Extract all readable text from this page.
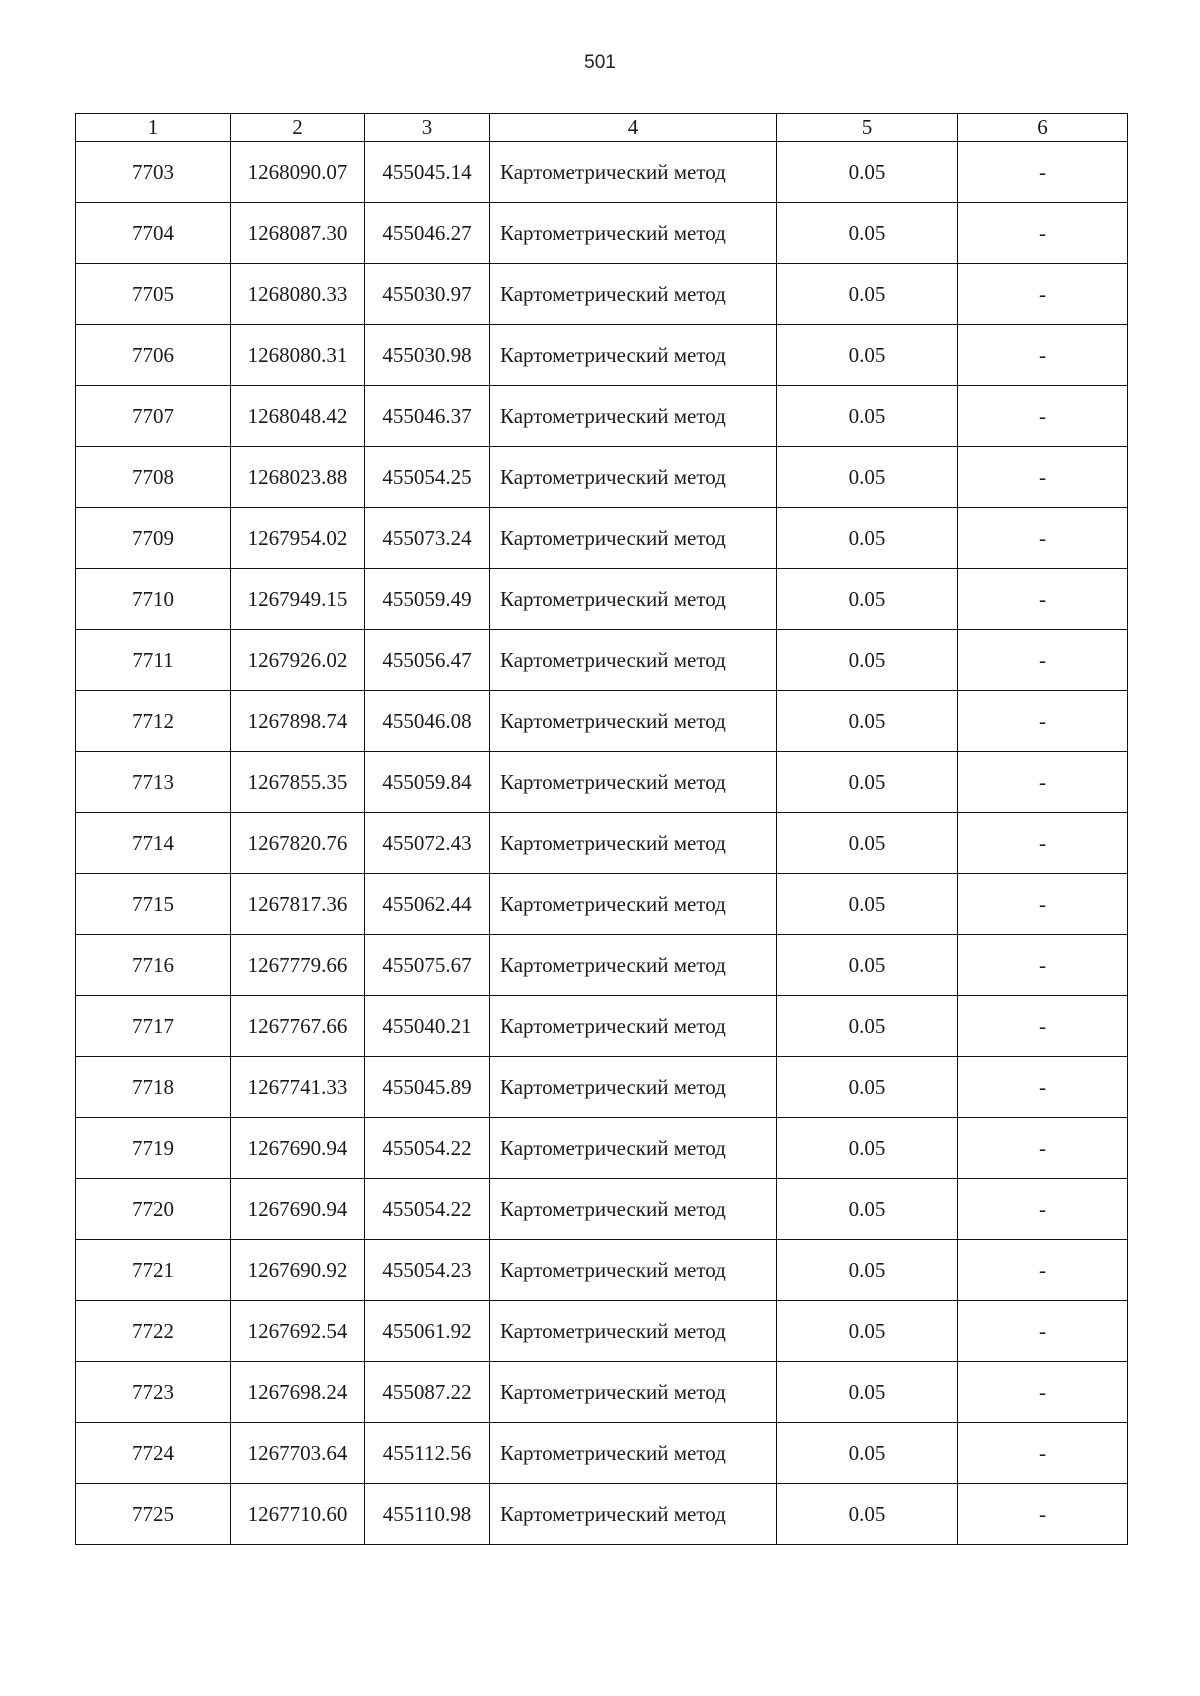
501
1	2	3	4	5	6
7703	1268090.07	455045.14	Картометрический метод	0.05	-
7704	1268087.30	455046.27	Картометрический метод	0.05	-
7705	1268080.33	455030.97	Картометрический метод	0.05	-
7706	1268080.31	455030.98	Картометрический метод	0.05	-
7707	1268048.42	455046.37	Картометрический метод	0.05	-
7708	1268023.88	455054.25	Картометрический метод	0.05	-
7709	1267954.02	455073.24	Картометрический метод	0.05	-
7710	1267949.15	455059.49	Картометрический метод	0.05	-
7711	1267926.02	455056.47	Картометрический метод	0.05	-
7712	1267898.74	455046.08	Картометрический метод	0.05	-
7713	1267855.35	455059.84	Картометрический метод	0.05	-
7714	1267820.76	455072.43	Картометрический метод	0.05	-
7715	1267817.36	455062.44	Картометрический метод	0.05	-
7716	1267779.66	455075.67	Картометрический метод	0.05	-
7717	1267767.66	455040.21	Картометрический метод	0.05	-
7718	1267741.33	455045.89	Картометрический метод	0.05	-
7719	1267690.94	455054.22	Картометрический метод	0.05	-
7720	1267690.94	455054.22	Картометрический метод	0.05	-
7721	1267690.92	455054.23	Картометрический метод	0.05	-
7722	1267692.54	455061.92	Картометрический метод	0.05	-
7723	1267698.24	455087.22	Картометрический метод	0.05	-
7724	1267703.64	455112.56	Картометрический метод	0.05	-
7725	1267710.60	455110.98	Картометрический метод	0.05	-
